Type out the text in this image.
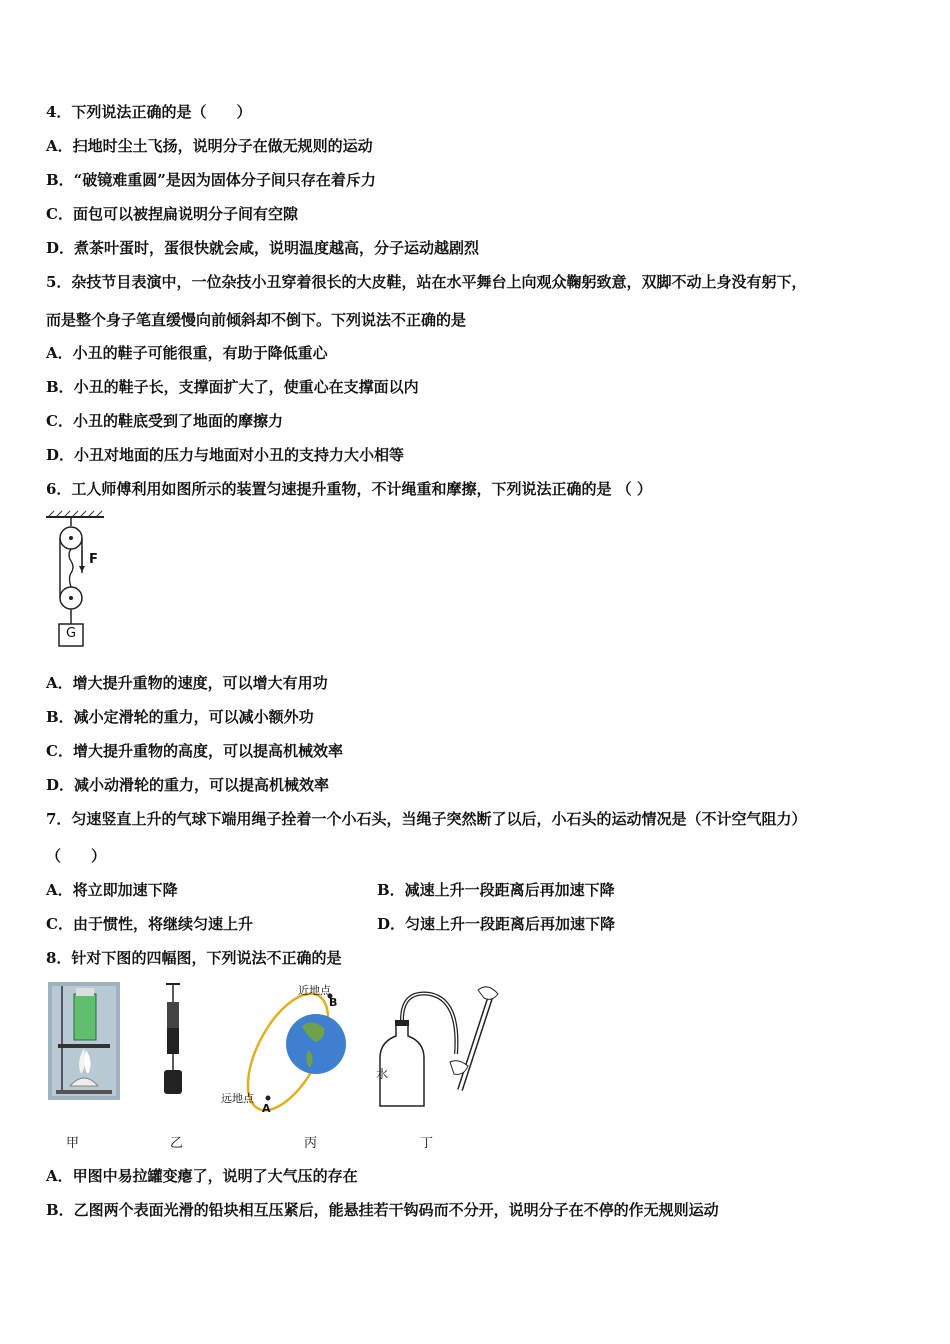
4．下列说法正确的是（　　）
A．扫地时尘土飞扬，说明分子在做无规则的运动
B．“破镜难重圆”是因为固体分子间只存在着斥力
C．面包可以被捏扁说明分子间有空隙
D．煮茶叶蛋时，蛋很快就会咸，说明温度越高，分子运动越剧烈
5．杂技节目表演中，一位杂技小丑穿着很长的大皮鞋，站在水平舞台上向观众鞠躬致意，双脚不动上身没有躬下，
而是整个身子笔直缓慢向前倾斜却不倒下。下列说法不正确的是
A．小丑的鞋子可能很重，有助于降低重心
B．小丑的鞋子长，支撑面扩大了，使重心在支撑面以内
C．小丑的鞋底受到了地面的摩擦力
D．小丑对地面的压力与地面对小丑的支持力大小相等
6．工人师傅利用如图所示的装置匀速提升重物，不计绳重和摩擦，下列说法正确的是 （ ）
F
G
A．增大提升重物的速度，可以增大有用功
B．减小定滑轮的重力，可以减小额外功
C．增大提升重物的高度，可以提高机械效率
D．减小动滑轮的重力，可以提高机械效率
7．匀速竖直上升的气球下端用绳子拴着一个小石头，当绳子突然断了以后，小石头的运动情况是（不计空气阻力）
（　　）
A．将立即加速下降	B．减速上升一段距离后再加速下降
C．由于惯性，将继续匀速上升	D．匀速上升一段距离后再加速下降
8．针对下图的四幅图，下列说法不正确的是
近地点
B
远地点
A
水
甲	乙	丙	丁
A．甲图中易拉罐变瘪了，说明了大气压的存在
B．乙图两个表面光滑的铅块相互压紧后，能悬挂若干钩码而不分开，说明分子在不停的作无规则运动
